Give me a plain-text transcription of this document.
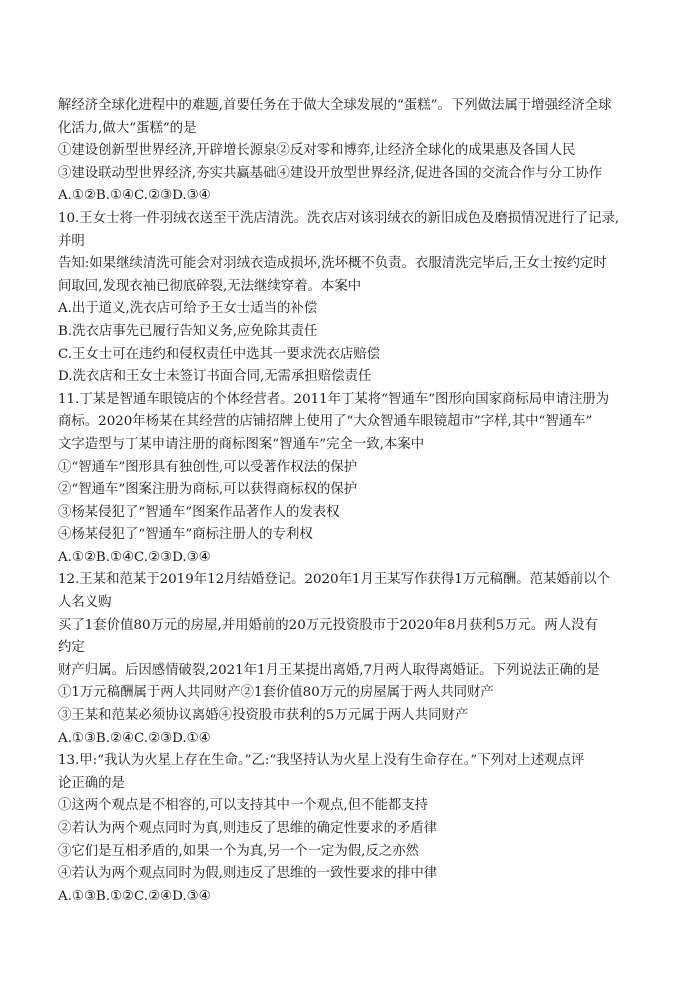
解经济全球化进程中的难题,首要任务在于做大全球发展的“蛋糕”。下列做法属于增强经济全球
化活力,做大“蛋糕”的是
①建设创新型世界经济,开辟增长源泉②反对零和博弈,让经济全球化的成果惠及各国人民
③建设联动型世界经济,夯实共赢基础④建设开放型世界经济,促进各国的交流合作与分工协作
A.①②B.①④C.②③D.③④
10.王女士将一件羽绒衣送至干洗店清洗。洗衣店对该羽绒衣的新旧成色及磨损情况进行了记录,
并明
告知:如果继续清洗可能会对羽绒衣造成损坏,洗坏概不负责。衣服清洗完毕后,王女士按约定时
间取回,发现衣袖已彻底碎裂,无法继续穿着。本案中
A.出于道义,洗衣店可给予王女士适当的补偿
B.洗衣店事先已履行告知义务,应免除其责任
C.王女士可在违约和侵权责任中选其一要求洗衣店赔偿
D.洗衣店和王女士未签订书面合同,无需承担赔偿责任
11.丁某是智通车眼镜店的个体经营者。2011年丁某将“智通车”图形向国家商标局申请注册为
商标。2020年杨某在其经营的店铺招牌上使用了“大众智通车眼镜超市”字样,其中“智通车”
文字造型与丁某申请注册的商标图案“智通车”完全一致,本案中
①“智通车”图形具有独创性,可以受著作权法的保护
②“智通车”图案注册为商标,可以获得商标权的保护
③杨某侵犯了“智通车”图案作品著作人的发表权
④杨某侵犯了“智通车”商标注册人的专利权
A.①②B.①④C.②③D.③④
12.王某和范某于2019年12月结婚登记。2020年1月王某写作获得1万元稿酬。范某婚前以个
人名义购
买了1套价值80万元的房屋,并用婚前的20万元投资股市于2020年8月获利5万元。两人没有
约定
财产归属。后因感情破裂,2021年1月王某提出离婚,7月两人取得离婚证。下列说法正确的是
①1万元稿酬属于两人共同财产②1套价值80万元的房屋属于两人共同财产
③王某和范某必须协议离婚④投资股市获利的5万元属于两人共同财产
A.①③B.②④C.②③D.①④
13.甲:“我认为火星上存在生命。”乙:“我坚持认为火星上没有生命存在。”下列对上述观点评
论正确的是
①这两个观点是不相容的,可以支持其中一个观点,但不能都支持
②若认为两个观点同时为真,则违反了思维的确定性要求的矛盾律
③它们是互相矛盾的,如果一个为真,另一个一定为假,反之亦然
④若认为两个观点同时为假,则违反了思维的一致性要求的排中律
A.①③B.①②C.②④D.③④
